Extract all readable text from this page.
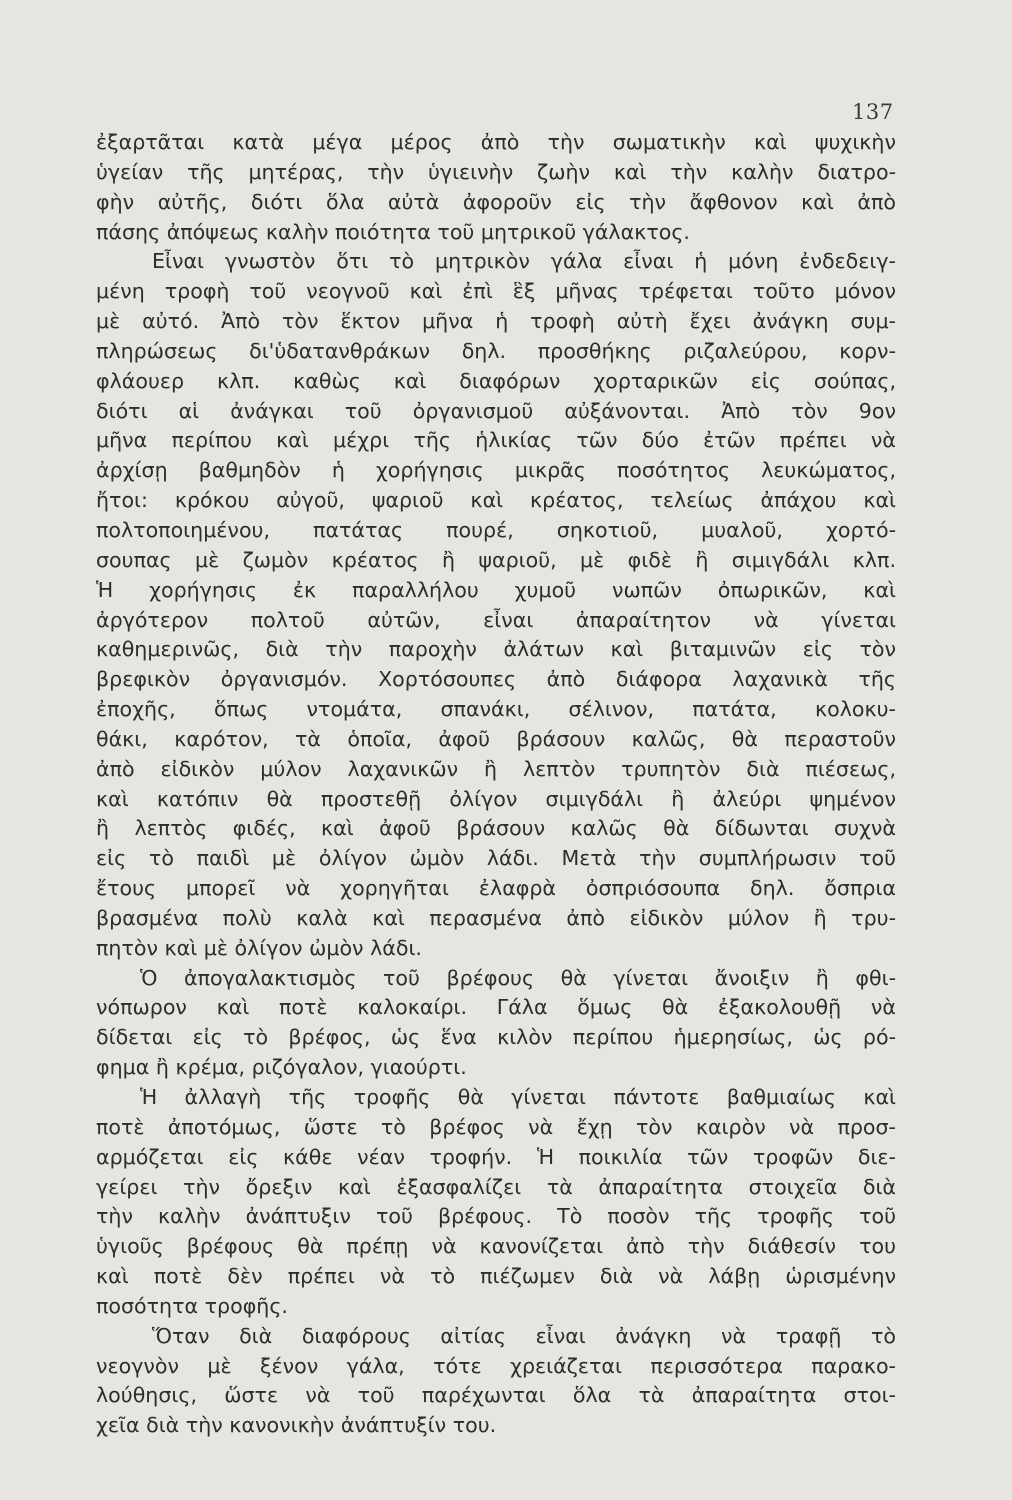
137
ἐξαρτᾶται κατὰ μέγα μέρος ἀπὸ τὴν σωματικὴν καὶ ψυχικὴν
ὑγείαν τῆς μητέρας, τὴν ὑγιεινὴν ζωὴν καὶ τὴν καλὴν διατρο-
φὴν αὐτῆς, διότι ὅλα αὐτὰ ἀφοροῦν εἰς τὴν ἄφθονον καὶ ἀπὸ
πάσης ἀπόψεως καλὴν ποιότητα τοῦ μητρικοῦ γάλακτος.
Εἶναι γνωστὸν ὅτι τὸ μητρικὸν γάλα εἶναι ἡ μόνη ἐνδεδειγ-
μένη τροφὴ τοῦ νεογνοῦ καὶ ἐπὶ ἓξ μῆνας τρέφεται τοῦτο μόνον
μὲ αὐτό. Ἀπὸ τὸν ἕκτον μῆνα ἡ τροφὴ αὐτὴ ἔχει ἀνάγκη συμ-
πληρώσεως δι'ὑδατανθράκων δηλ. προσθήκης ριζαλεύρου, κορν-
φλάουερ κλπ. καθὼς καὶ διαφόρων χορταρικῶν εἰς σούπας,
διότι αἱ ἀνάγκαι τοῦ ὀργανισμοῦ αὐξάνονται. Ἀπὸ τὸν 9ον
μῆνα περίπου καὶ μέχρι τῆς ἡλικίας τῶν δύο ἐτῶν πρέπει νὰ
ἀρχίσῃ βαθμηδὸν ἡ χορήγησις μικρᾶς ποσότητος λευκώματος,
ἤτοι: κρόκου αὐγοῦ, ψαριοῦ καὶ κρέατος, τελείως ἀπάχου καὶ
πολτοποιημένου, πατάτας πουρέ, σηκοτιοῦ, μυαλοῦ, χορτό-
σουπας μὲ ζωμὸν κρέατος ἢ ψαριοῦ, μὲ φιδὲ ἢ σιμιγδάλι κλπ.
Ἡ χορήγησις ἐκ παραλλήλου χυμοῦ νωπῶν ὀπωρικῶν, καὶ
ἀργότερον πολτοῦ αὐτῶν, εἶναι ἀπαραίτητον νὰ γίνεται
καθημερινῶς, διὰ τὴν παροχὴν ἀλάτων καὶ βιταμινῶν εἰς τὸν
βρεφικὸν ὀργανισμόν. Χορτόσουπες ἀπὸ διάφορα λαχανικὰ τῆς
ἐποχῆς, ὅπως ντομάτα, σπανάκι, σέλινον, πατάτα, κολοκυ-
θάκι, καρότον, τὰ ὁποῖα, ἀφοῦ βράσουν καλῶς, θὰ περαστοῦν
ἀπὸ εἰδικὸν μύλον λαχανικῶν ἢ λεπτὸν τρυπητὸν διὰ πιέσεως,
καὶ κατόπιν θὰ προστεθῇ ὀλίγον σιμιγδάλι ἢ ἀλεύρι ψημένον
ἢ λεπτὸς φιδές, καὶ ἀφοῦ βράσουν καλῶς θὰ δίδωνται συχνὰ
εἰς τὸ παιδὶ μὲ ὀλίγον ὠμὸν λάδι. Μετὰ τὴν συμπλήρωσιν τοῦ
ἔτους μπορεῖ νὰ χορηγῆται ἐλαφρὰ ὀσπριόσουπα δηλ. ὄσπρια
βρασμένα πολὺ καλὰ καὶ περασμένα ἀπὸ εἰδικὸν μύλον ἢ τρυ-
πητὸν καὶ μὲ ὀλίγον ὠμὸν λάδι.
Ὁ ἀπογαλακτισμὸς τοῦ βρέφους θὰ γίνεται ἄνοιξιν ἢ φθι-
νόπωρον καὶ ποτὲ καλοκαίρι. Γάλα ὅμως θὰ ἐξακολουθῇ νὰ
δίδεται εἰς τὸ βρέφος, ὡς ἕνα κιλὸν περίπου ἡμερησίως, ὡς ρό-
φημα ἢ κρέμα, ριζόγαλον, γιαούρτι.
Ἡ ἀλλαγὴ τῆς τροφῆς θὰ γίνεται πάντοτε βαθμιαίως καὶ
ποτὲ ἀποτόμως, ὥστε τὸ βρέφος νὰ ἔχῃ τὸν καιρὸν νὰ προσ-
αρμόζεται εἰς κάθε νέαν τροφήν. Ἡ ποικιλία τῶν τροφῶν διε-
γείρει τὴν ὄρεξιν καὶ ἐξασφαλίζει τὰ ἀπαραίτητα στοιχεῖα διὰ
τὴν καλὴν ἀνάπτυξιν τοῦ βρέφους. Τὸ ποσὸν τῆς τροφῆς τοῦ
ὑγιοῦς βρέφους θὰ πρέπῃ νὰ κανονίζεται ἀπὸ τὴν διάθεσίν του
καὶ ποτὲ δὲν πρέπει νὰ τὸ πιέζωμεν διὰ νὰ λάβῃ ὡρισμένην
ποσότητα τροφῆς.
Ὅταν διὰ διαφόρους αἰτίας εἶναι ἀνάγκη νὰ τραφῇ τὸ
νεογνὸν μὲ ξένον γάλα, τότε χρειάζεται περισσότερα παρακο-
λούθησις, ὥστε νὰ τοῦ παρέχωνται ὅλα τὰ ἀπαραίτητα στοι-
χεῖα διὰ τὴν κανονικὴν ἀνάπτυξίν του.
